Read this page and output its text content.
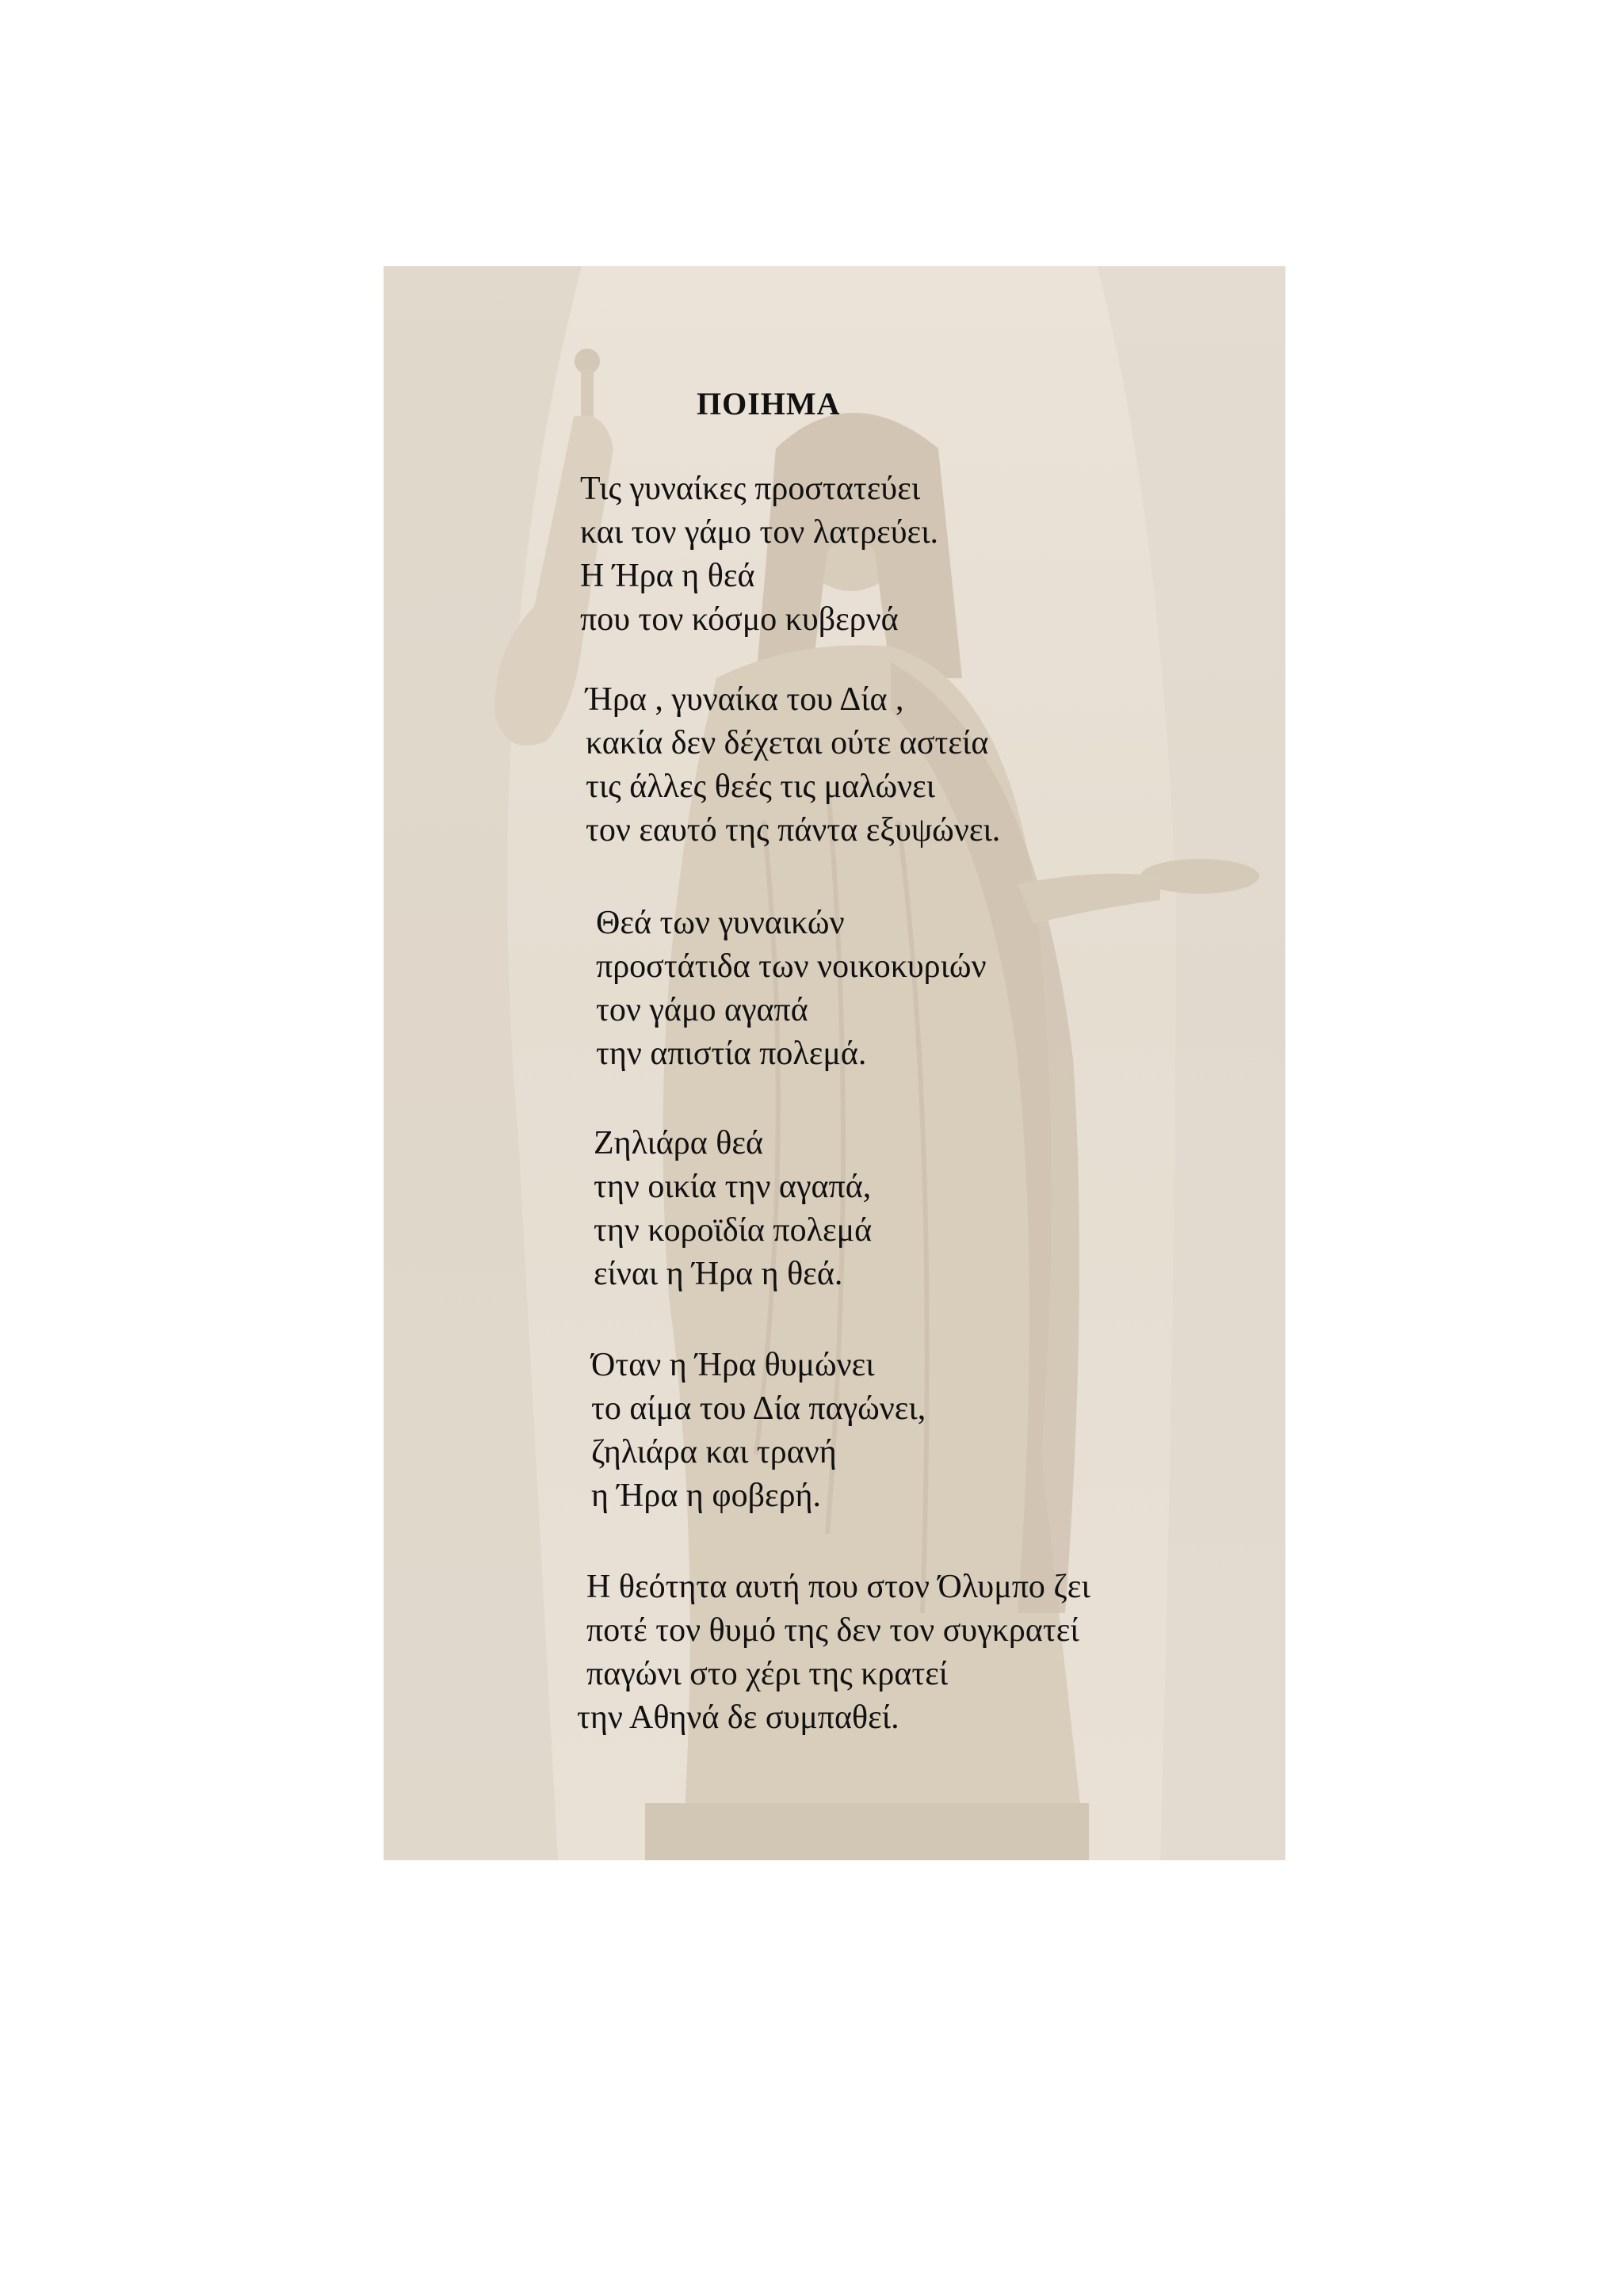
ΠΟΙΗΜΑ
Τις γυναίκες προστατεύει
και τον γάμο τον λατρεύει.
Η Ήρα η θεά
που τον κόσμο κυβερνά
Ήρα , γυναίκα του Δία ,
κακία δεν δέχεται ούτε αστεία
τις άλλες θεές τις μαλώνει
τον εαυτό της πάντα εξυψώνει.
Θεά των γυναικών
προστάτιδα των νοικοκυριών
τον γάμο αγαπά
την απιστία πολεμά.
Ζηλιάρα θεά
την οικία την αγαπά,
την κοροϊδία πολεμά
είναι η Ήρα η θεά.
Όταν η Ήρα θυμώνει
το αίμα του Δία παγώνει,
ζηλιάρα και τρανή
η Ήρα η φοβερή.
Η θεότητα αυτή που στον Όλυμπο ζει
ποτέ τον θυμό της δεν τον συγκρατεί
παγώνι στο χέρι της κρατεί
την Αθηνά δε συμπαθεί.
